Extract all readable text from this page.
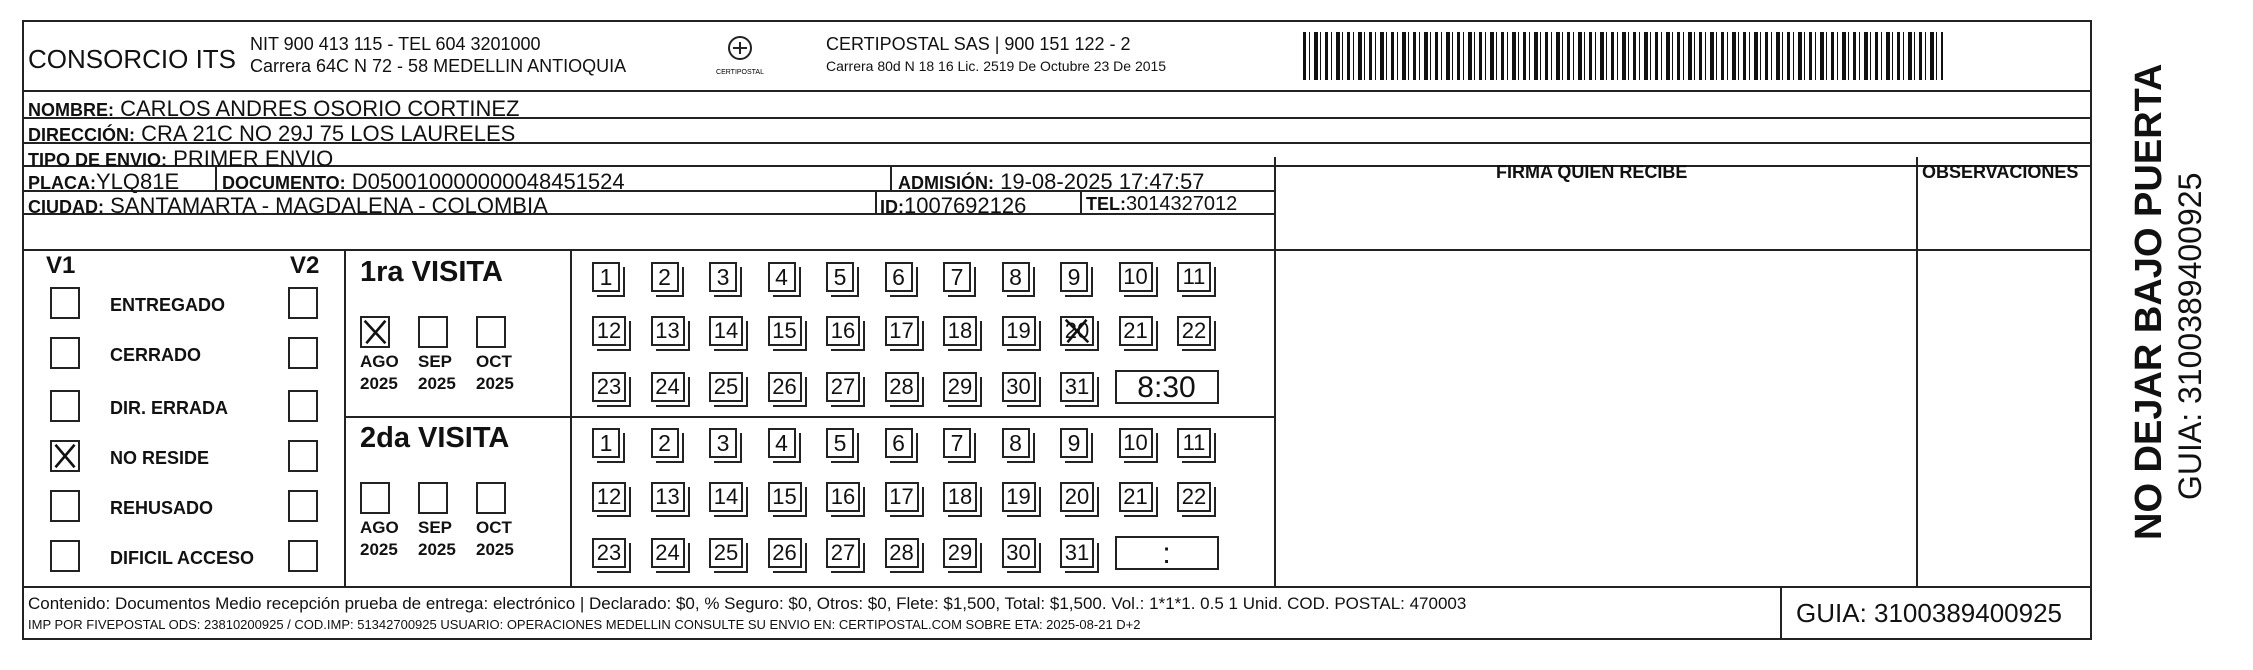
CONSORCIO ITS NIT 900 413 115 - TEL 604 3201000
Carrera 64C N 72 - 58 MEDELLIN ANTIOQUIA	CERTIPOSTAL
CERTIPOSTAL SAS | 900 151 122 - 2
Carrera 80d N 18 16 Lic. 2519 De Octubre 23 De 2015
NOMBRE: CARLOS ANDRES OSORIO CORTINEZ
DIRECCIÓN: CRA 21C NO 29J 75 LOS LAURELES
TIPO DE ENVIO: PRIMER ENVIO
PLACA:YLQ81E DOCUMENTO: D050010000000048451524	ADMISIÓN: 19-08-2025 17:47:57
CIUDAD: SANTAMARTA - MAGDALENA - COLOMBIA	ID:1007692126	TEL:3014327012
FIRMA QUIEN RECIBE	OBSERVACIONES
V1	V2
ENTREGADO
CERRADO
DIR. ERRADA
NO RESIDE
REHUSADO
DIFICIL ACCESO
1ra VISITA
AGO
2025
SEP
2025
OCT
2025
1	2	3	4	5	6	7	8	9	10 11
12 13 14 15 16 17 18 19 20 21 22
23 24 25 26 27 28 29 30 31	8:30
2da VISITA
AGO
2025
SEP
2025
OCT
2025
1	2	3	4	5	6	7	8	9	10 11
12 13 14 15 16 17 18 19 20 21 22
23 24 25 26 27 28 29 30 31	:
Contenido: Documentos Medio recepción prueba de entrega: electrónico | Declarado: $0, % Seguro: $0, Otros: $0, Flete: $1,500, Total: $1,500. Vol.: 1*1*1. 0.5 1 Unid. COD. POSTAL: 470003
IMP POR FIVEPOSTAL ODS: 23810200925 / COD.IMP: 51342700925 USUARIO: OPERACIONES MEDELLIN CONSULTE SU ENVIO EN: CERTIPOSTAL.COM SOBRE ETA: 2025-08-21 D+2	GUIA: 3100389400925
NO DEJAR BAJO PUERTA GUIA: 3100389400925
